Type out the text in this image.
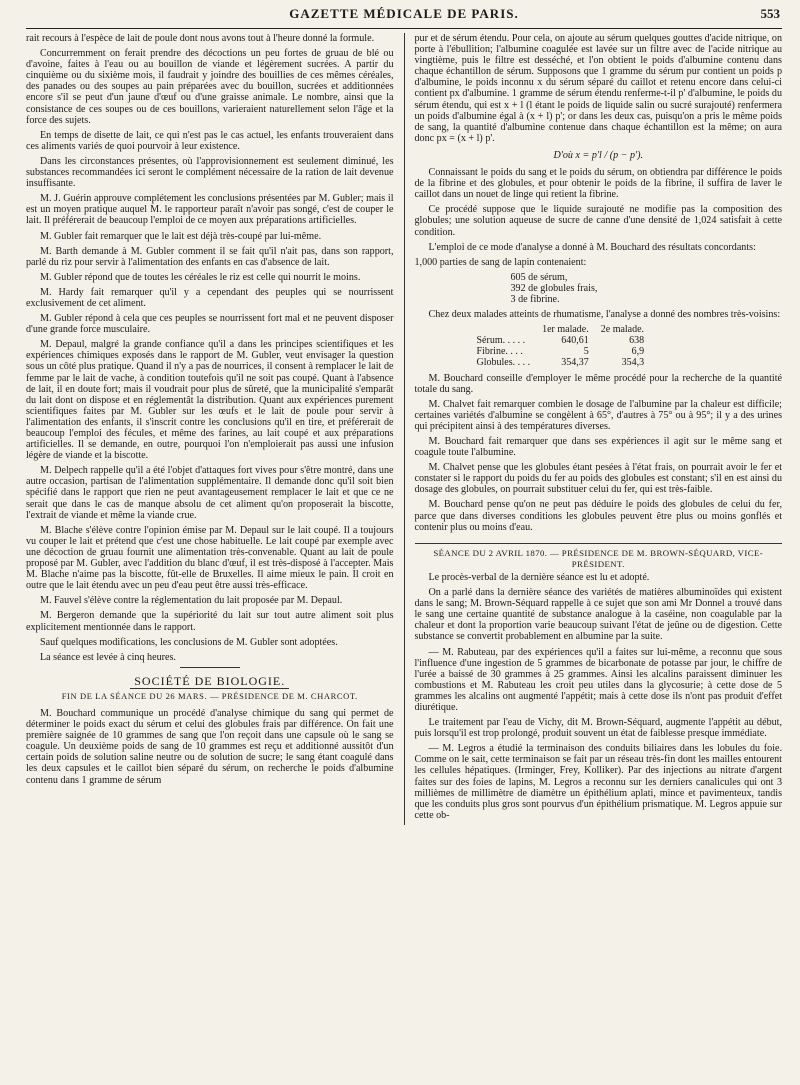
GAZETTE MÉDICALE DE PARIS.	553

rait recours à l'espèce de lait de poule dont nous avons tout à l'heure donné la formule.

Concurremment on ferait prendre des décoctions un peu fortes de gruau de blé ou d'avoine, faites à l'eau ou au bouillon de viande et légèrement sucrées. A partir du cinquième ou du sixième mois, il faudrait y joindre des bouillies de ces mêmes céréales, des panades ou des soupes au pain préparées avec du bouillon, sucrées et additionnées encore s'il se peut d'un jaune d'œuf ou d'une graisse animale. Le nombre, ainsi que la consistance de ces soupes ou de ces bouillons, varieraient naturellement selon l'âge et la force des sujets.

En temps de disette de lait, ce qui n'est pas le cas actuel, les enfants trouveraient dans ces aliments variés de quoi pourvoir à leur existence.

Dans les circonstances présentes, où l'approvisionnement est seulement diminué, les substances recommandées ici seront le complément nécessaire de la ration de lait devenue insuffisante.

M. J. Guérin approuve complétement les conclusions présentées par M. Gubler; mais il est un moyen pratique auquel M. le rapporteur paraît n'avoir pas songé, c'est de couper le lait. Il préférerait de beaucoup l'emploi de ce moyen aux préparations artificielles.

M. Gubler fait remarquer que le lait est déjà très-coupé par lui-même.

M. Barth demande à M. Gubler comment il se fait qu'il n'ait pas, dans son rapport, parlé du riz pour servir à l'alimentation des enfants en cas d'absence de lait.

M. Gubler répond que de toutes les céréales le riz est celle qui nourrit le moins.

M. Hardy fait remarquer qu'il y a cependant des peuples qui se nourrissent exclusivement de cet aliment.

M. Gubler répond à cela que ces peuples se nourrissent fort mal et ne peuvent disposer d'une grande force musculaire.

M. Depaul, malgré la grande confiance qu'il a dans les principes scientifiques et les expériences chimiques exposés dans le rapport de M. Gubler, veut envisager la question sous un côté plus pratique. Quand il n'y a pas de nourrices, il consent à remplacer le lait de femme par le lait de vache, à condition toutefois qu'il ne soit pas coupé. Quant à l'absence de lait, il en doute fort; mais il voudrait pour plus de sûreté, que la municipalité s'emparât du lait dont on dispose et en réglementât la distribution. Quant aux expériences purement scientifiques faites par M. Gubler sur les œufs et le lait de poule pour servir à l'alimentation des enfants, il s'inscrit contre les conclusions qu'il en tire, et préférerait de beaucoup l'emploi des fécules, et même des farines, au lait coupé et aux préparations artificielles. Il se demande, en outre, pourquoi l'on n'emploierait pas aussi une infusion légère de viande et la biscotte.

M. Delpech rappelle qu'il a été l'objet d'attaques fort vives pour s'être montré, dans une autre occasion, partisan de l'alimentation supplémentaire. Il demande donc qu'il soit bien spécifié dans le rapport que rien ne peut avantageusement remplacer le lait et que ce ne serait que dans le cas de manque absolu de cet aliment qu'on proposerait la biscotte, l'extrait de viande et même la viande crue.

M. Blache s'élève contre l'opinion émise par M. Depaul sur le lait coupé. Il a toujours vu couper le lait et prétend que c'est une chose habituelle. Le lait coupé par exemple avec une décoction de gruau fournit une alimentation très-convenable. Quant au lait de poule proposé par M. Gubler, avec l'addition du blanc d'œuf, il est très-disposé à l'accepter. Mais M. Blache n'aime pas la biscotte, fût-elle de Bruxelles. Il aime mieux le pain. Il croit en outre que le lait étendu avec un peu d'eau peut être aussi très-efficace.

M. Fauvel s'élève contre la réglementation du lait proposée par M. Depaul.

M. Bergeron demande que la supériorité du lait sur tout autre aliment soit plus explicitement mentionnée dans le rapport.

Sauf quelques modifications, les conclusions de M. Gubler sont adoptées.

La séance est levée à cinq heures.

SOCIÉTÉ DE BIOLOGIE.
FIN DE LA SÉANCE DU 26 MARS. — PRÉSIDENCE DE M. CHARCOT.

M. Bouchard communique un procédé d'analyse chimique du sang qui permet de déterminer le poids exact du sérum et celui des globules frais par différence. On fait une première saignée de 10 grammes de sang que l'on reçoit dans une capsule où le sang se coagule. Un deuxième poids de sang de 10 grammes est reçu et additionné aussitôt d'un certain poids de solution saline neutre ou de solution de sucre; le sang étant coagulé dans les deux capsules et le caillot bien séparé du sérum, on recherche le poids d'albumine contenu dans 1 gramme de sérum

pur et de sérum étendu. Pour cela, on ajoute au sérum quelques gouttes d'acide nitrique, on porte à l'ébullition; l'albumine coagulée est lavée sur un filtre avec de l'acide nitrique au vingtième, puis le filtre est desséché, et l'on obtient le poids d'albumine contenu dans chaque échantillon de sérum. Supposons que 1 gramme du sérum pur contient un poids p d'albumine, le poids inconnu x du sérum séparé du caillot et retenu encore dans celui-ci contient px d'albumine. 1 gramme de sérum étendu renferme-t-il p' d'albumine, le poids du sérum étendu, qui est x + l (l étant le poids de liquide salin ou sucré surajouté) renfermera un poids d'albumine égal à (x + l) p'; or dans les deux cas, puisqu'on a pris le même poids de sang, la quantité d'albumine contenue dans chaque échantillon est la même; on aura donc px = (x + l) p'.

D'où x = p'l / (p − p').

Connaissant le poids du sang et le poids du sérum, on obtiendra par différence le poids de la fibrine et des globules, et pour obtenir le poids de la fibrine, il suffira de laver le caillot dans un nouet de linge qui retient la fibrine.

Ce procédé suppose que le liquide surajouté ne modifie pas la composition des globules; une solution aqueuse de sucre de canne d'une densité de 1,024 satisfait à cette condition.

L'emploi de ce mode d'analyse a donné à M. Bouchard des résultats concordants:

1,000 parties de sang de lapin contenaient:

605 de sérum,
392 de globules frais,
3 de fibrine.

Chez deux malades atteints de rhumatisme, l'analyse a donné des nombres très-voisins:

	1er malade.	2e malade.
Sérum. . . . .	640,61	638
Fibrine. . . .	5	6,9
Globules. . . .	354,37	354,3

M. Bouchard conseille d'employer le même procédé pour la recherche de la quantité totale du sang.

M. Chalvet fait remarquer combien le dosage de l'albumine par la chaleur est difficile; certaines variétés d'albumine se congèlent à 65°, d'autres à 75° ou à 95°; il y a des urines qui précipitent ainsi à des températures diverses.

M. Bouchard fait remarquer que dans ses expériences il agit sur le même sang et coagule toute l'albumine.

M. Chalvet pense que les globules étant pesées à l'état frais, on pourrait avoir le fer et constater si le rapport du poids du fer au poids des globules est constant; s'il en est ainsi du dosage des globules, on pourrait substituer celui du fer, qui est très-faible.

M. Bouchard pense qu'on ne peut pas déduire le poids des globules de celui du fer, parce que dans diverses conditions les globules peuvent être plus ou moins gonflés et contenir plus ou moins d'eau.

SÉANCE DU 2 AVRIL 1870. — PRÉSIDENCE DE M. BROWN-SÉQUARD, VICE-PRÉSIDENT.

Le procès-verbal de la dernière séance est lu et adopté.

On a parlé dans la dernière séance des variétés de matières albuminoïdes qui existent dans le sang; M. Brown-Séquard rappelle à ce sujet que son ami Mr Donnel a trouvé dans le sang une certaine quantité de substance analogue à la caséine, non coagulable par la chaleur et dont la proportion varie beaucoup suivant l'état de jeûne ou de digestion. Cette substance se convertit probablement en albumine par la suite.

— M. Rabuteau, par des expériences qu'il a faites sur lui-même, a reconnu que sous l'influence d'une ingestion de 5 grammes de bicarbonate de potasse par jour, le chiffre de l'urée a baissé de 30 grammes à 25 grammes. Ainsi les alcalins paraissent diminuer les combustions et M. Rabuteau les croit peu utiles dans la glycosurie; à cette dose de 5 grammes les alcalins ont augmenté l'appétit; mais à cette dose ils n'ont pas produit d'effet diurétique.

Le traitement par l'eau de Vichy, dit M. Brown-Séquard, augmente l'appétit au début, puis lorsqu'il est trop prolongé, produit souvent un état de faiblesse presque immédiate.

— M. Legros a étudié la terminaison des conduits biliaires dans les lobules du foie. Comme on le sait, cette terminaison se fait par un réseau très-fin dont les mailles entourent les cellules hépatiques. (Irminger, Frey, Kolliker). Par des injections au nitrate d'argent faites sur des foies de lapins, M. Legros a reconnu sur les derniers canalicules qui ont 3 millièmes de millimètre de diamètre un épithélium aplati, mince et pavimenteux, tandis que les conduits plus gros sont pourvus d'un épithélium prismatique. M. Legros appuie sur cette ob-
